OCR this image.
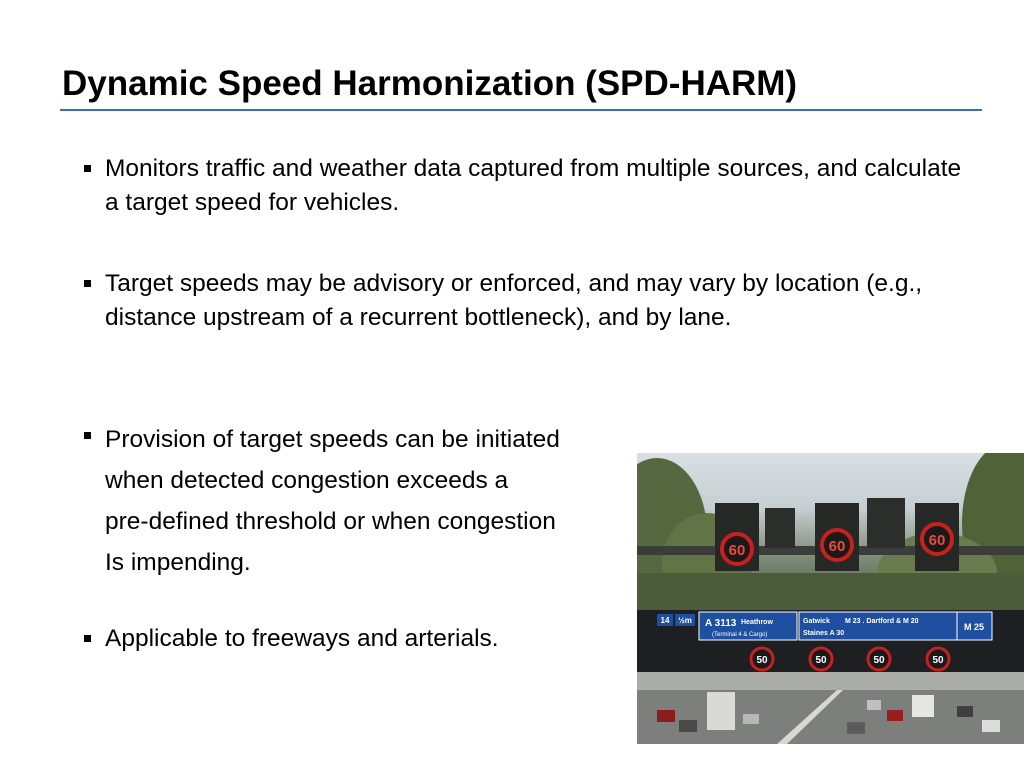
Dynamic Speed Harmonization (SPD-HARM)
Monitors traffic and weather data captured from multiple sources, and calculate a target speed for vehicles.
Target speeds may be advisory or enforced, and may vary by location (e.g., distance upstream of a recurrent bottleneck), and by lane.
Provision of target speeds can be initiated
when detected congestion exceeds a
pre-defined threshold or when congestion
Is impending.
Applicable to freeways and arterials.
60	60	60
14 ½m A 3113 Heathrow
(Terminal 4 & Cargo)
Gatwick M 23 . Dartford & M 20
Staines A 30
M 25
50	50	50	50
